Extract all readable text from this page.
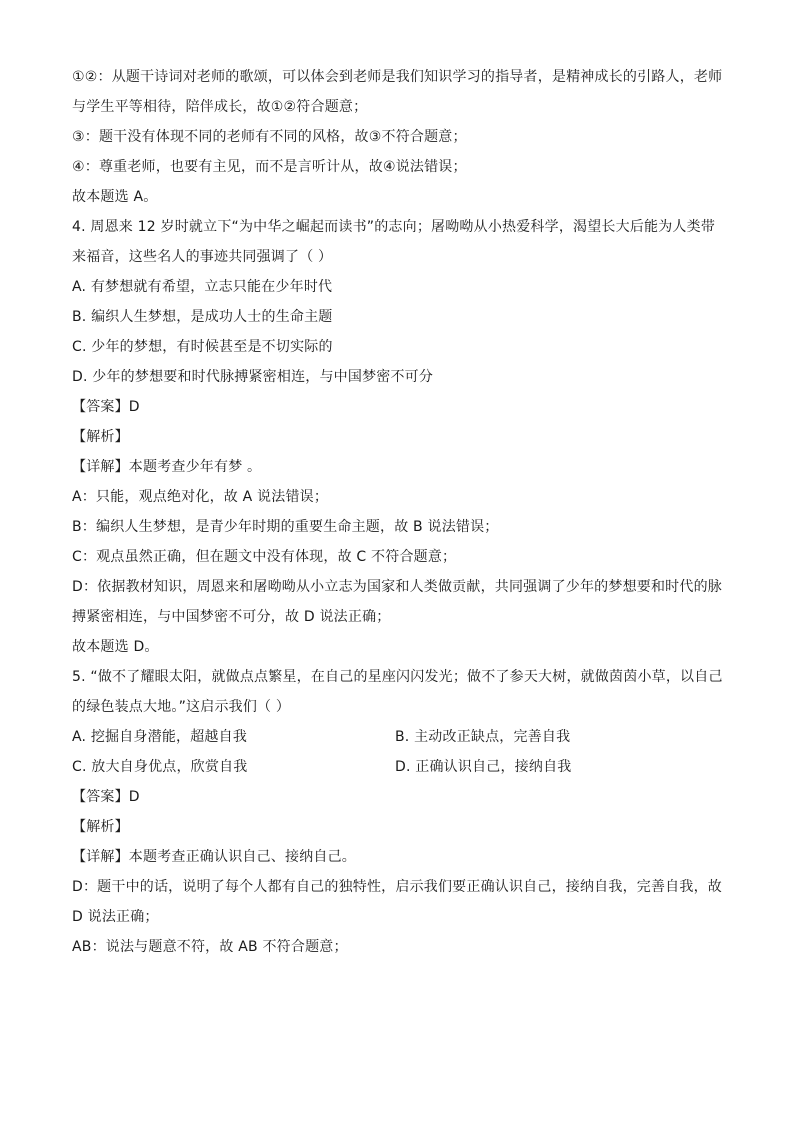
①②：从题干诗词对老师的歌颂，可以体会到老师是我们知识学习的指导者，是精神成长的引路人，老师
与学生平等相待，陪伴成长，故①②符合题意；
③：题干没有体现不同的老师有不同的风格，故③不符合题意；
④：尊重老师，也要有主见，而不是言听计从，故④说法错误；
故本题选 A。
4. 周恩来 12 岁时就立下“为中华之崛起而读书”的志向；屠呦呦从小热爱科学，渴望长大后能为人类带
来福音，这些名人的事迹共同强调了（ ）
A. 有梦想就有希望，立志只能在少年时代
B. 编织人生梦想，是成功人士的生命主题
C. 少年的梦想，有时候甚至是不切实际的
D. 少年的梦想要和时代脉搏紧密相连，与中国梦密不可分
【答案】D
【解析】
【详解】本题考查少年有梦 。
A：只能，观点绝对化，故 A 说法错误；
B：编织人生梦想，是青少年时期的重要生命主题，故 B 说法错误；
C：观点虽然正确，但在题文中没有体现，故 C 不符合题意；
D：依据教材知识，周恩来和屠呦呦从小立志为国家和人类做贡献，共同强调了少年的梦想要和时代的脉
搏紧密相连，与中国梦密不可分，故 D 说法正确；
故本题选 D。
5. “做不了耀眼太阳，就做点点繁星，在自己的星座闪闪发光；做不了参天大树，就做茵茵小草，以自己
的绿色装点大地。”这启示我们（ ）
A. 挖掘自身潜能，超越自我	B. 主动改正缺点，完善自我
C. 放大自身优点，欣赏自我	D. 正确认识自己，接纳自我
【答案】D
【解析】
【详解】本题考查正确认识自己、接纳自己。
D：题干中的话，说明了每个人都有自己的独特性，启示我们要正确认识自己，接纳自我，完善自我，故
D 说法正确；
AB：说法与题意不符，故 AB 不符合题意；
